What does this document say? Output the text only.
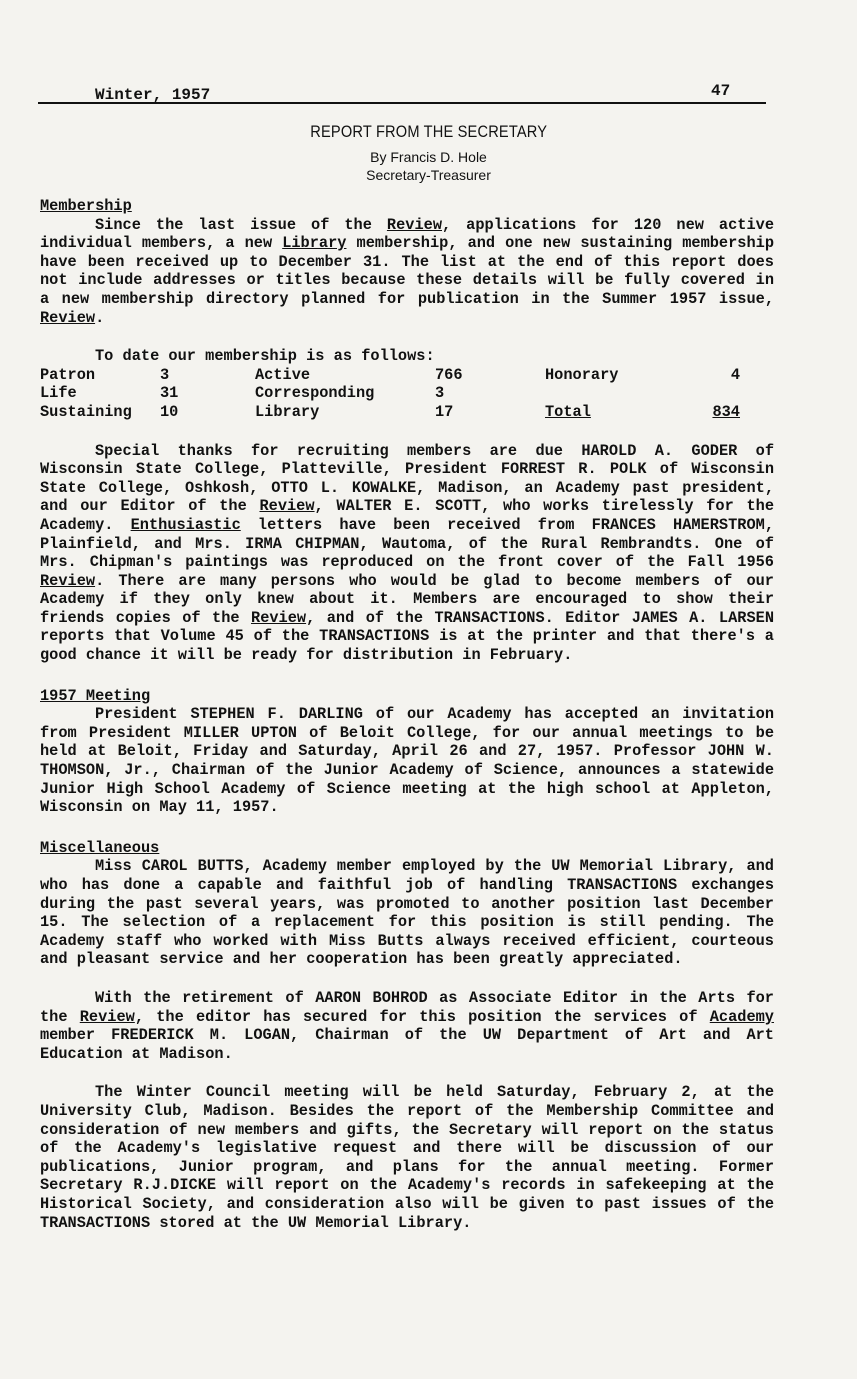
Winter, 1957	47
REPORT FROM THE SECRETARY
By Francis D. Hole
Secretary-Treasurer

Membership

Since the last issue of the Review, applications for 120 new active individual members, a new Library membership, and one new sustaining membership have been received up to December 31. The list at the end of this report does not include addresses or titles because these details will be fully covered in a new membership directory planned for publication in the Summer 1957 issue, Review.

To date our membership is as follows:
Patron	3	Active	766	Honorary	4
Life	31	Corresponding	3		
Sustaining	10	Library	17	Total	834

Special thanks for recruiting members are due HAROLD A. GODER of Wisconsin State College, Platteville, President FORREST R. POLK of Wisconsin State College, Oshkosh, OTTO L. KOWALKE, Madison, an Academy past president, and our Editor of the Review, WALTER E. SCOTT, who works tirelessly for the Academy. Enthusiastic letters have been received from FRANCES HAMERSTROM, Plainfield, and Mrs. IRMA CHIPMAN, Wautoma, of the Rural Rembrandts. One of Mrs. Chipman's paintings was reproduced on the front cover of the Fall 1956 Review. There are many persons who would be glad to become members of our Academy if they only knew about it. Members are encouraged to show their friends copies of the Review, and of the TRANSACTIONS. Editor JAMES A. LARSEN reports that Volume 45 of the TRANSACTIONS is at the printer and that there's a good chance it will be ready for distribution in February.

1957 Meeting

President STEPHEN F. DARLING of our Academy has accepted an invitation from President MILLER UPTON of Beloit College, for our annual meetings to be held at Beloit, Friday and Saturday, April 26 and 27, 1957. Professor JOHN W. THOMSON, Jr., Chairman of the Junior Academy of Science, announces a statewide Junior High School Academy of Science meeting at the high school at Appleton, Wisconsin on May 11, 1957.

Miscellaneous

Miss CAROL BUTTS, Academy member employed by the UW Memorial Library, and who has done a capable and faithful job of handling TRANSACTIONS exchanges during the past several years, was promoted to another position last December 15. The selection of a replacement for this position is still pending. The Academy staff who worked with Miss Butts always received efficient, courteous and pleasant service and her cooperation has been greatly appreciated.

With the retirement of AARON BOHROD as Associate Editor in the Arts for the Review, the editor has secured for this position the services of Academy member FREDERICK M. LOGAN, Chairman of the UW Department of Art and Art Education at Madison.

The Winter Council meeting will be held Saturday, February 2, at the University Club, Madison. Besides the report of the Membership Committee and consideration of new members and gifts, the Secretary will report on the status of the Academy's legislative request and there will be discussion of our publications, Junior program, and plans for the annual meeting. Former Secretary R.J.DICKE will report on the Academy's records in safekeeping at the Historical Society, and consideration also will be given to past issues of the TRANSACTIONS stored at the UW Memorial Library.
